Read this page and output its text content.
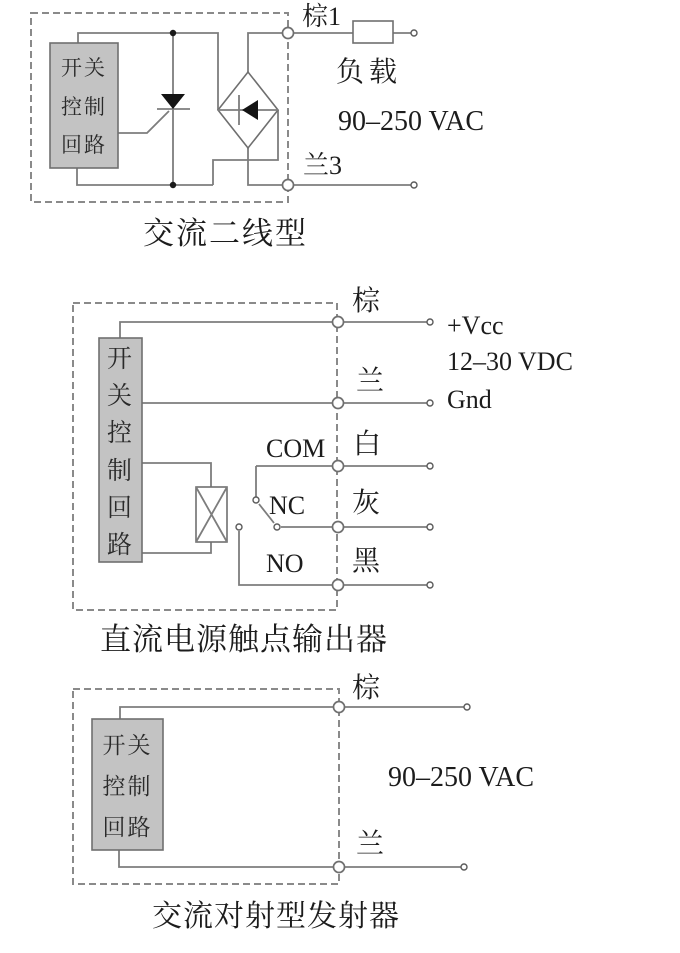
开关
控制
回路
棕1
负载
90–250 VAC
兰3
交流二线型
开
关
控
制
回
路
棕
+Vcc
12–30 VDC
兰
Gnd
COM 白
NC 灰
NO 黑
直流电源触点输出器
开关
控制
回路
棕
90–250 VAC
兰
交流对射型发射器
